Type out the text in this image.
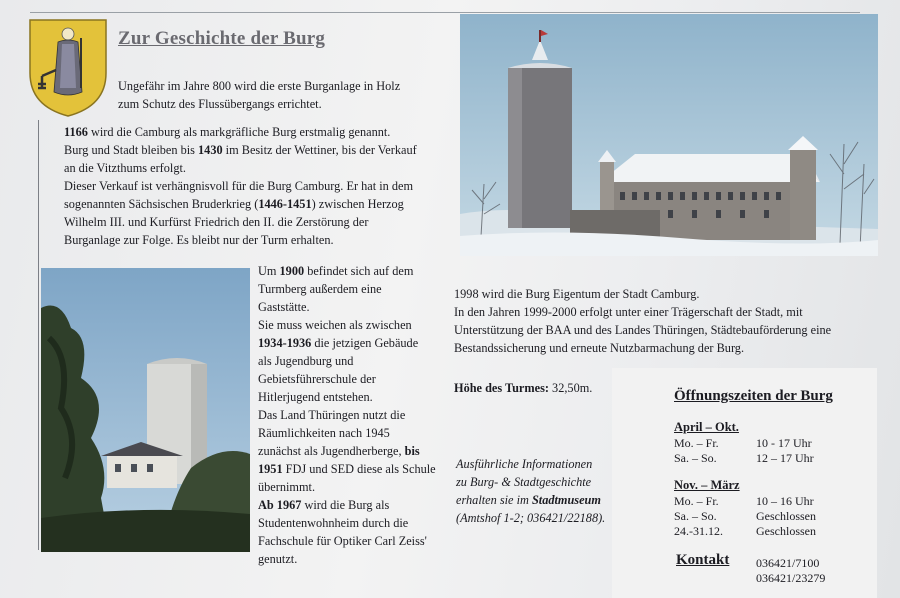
Zur Geschichte der Burg

Ungefähr im Jahre 800 wird die erste Burganlage in Holz

zum Schutz des Flussübergangs errichtet.

1166 wird die Camburg als markgräfliche Burg erstmalig genannt.

Burg und Stadt bleiben bis 1430 im Besitz der Wettiner, bis der Verkauf

an die Vitzthums erfolgt.

Dieser Verkauf ist verhängnisvoll für die Burg Camburg. Er hat in dem

sogenannten Sächsischen Bruderkrieg (1446-1451) zwischen Herzog

Wilhelm III. und Kurfürst Friedrich den II. die Zerstörung der

Burganlage zur Folge. Es bleibt nur der Turm erhalten.

Um 1900 befindet sich auf dem

Turmberg außerdem eine

Gaststätte.

Sie muss weichen als zwischen

1934-1936 die jetzigen Gebäude

als Jugendburg und

Gebietsführerschule der

Hitlerjugend entstehen.

Das Land Thüringen nutzt die

Räumlichkeiten nach 1945

zunächst als Jugendherberge, bis

1951 FDJ und SED diese als Schule

übernimmt.

Ab 1967 wird die Burg als

Studentenwohnheim durch die

Fachschule für Optiker Carl Zeiss'

genutzt.

1998 wird die Burg Eigentum der Stadt Camburg.

In den Jahren 1999-2000 erfolgt unter einer Trägerschaft der Stadt, mit

Unterstützung der BAA und des Landes Thüringen, Städtebauförderung eine

Bestandssicherung und erneute Nutzbarmachung der Burg.

Höhe des Turmes: 32,50m.

Ausführliche Informationen

zu Burg- & Stadtgeschichte

erhalten sie im Stadtmuseum

(Amtshof 1-2; 036421/22188).

Öffnungszeiten der Burg
April – Okt.
Mo. – Fr.	10 - 17 Uhr
Sa. – So.	12 – 17 Uhr
Nov. – März
Mo. – Fr.	10 – 16 Uhr
Sa. – So.	Geschlossen
24.-31.12.	Geschlossen
Kontakt 036421/7100
036421/23279
